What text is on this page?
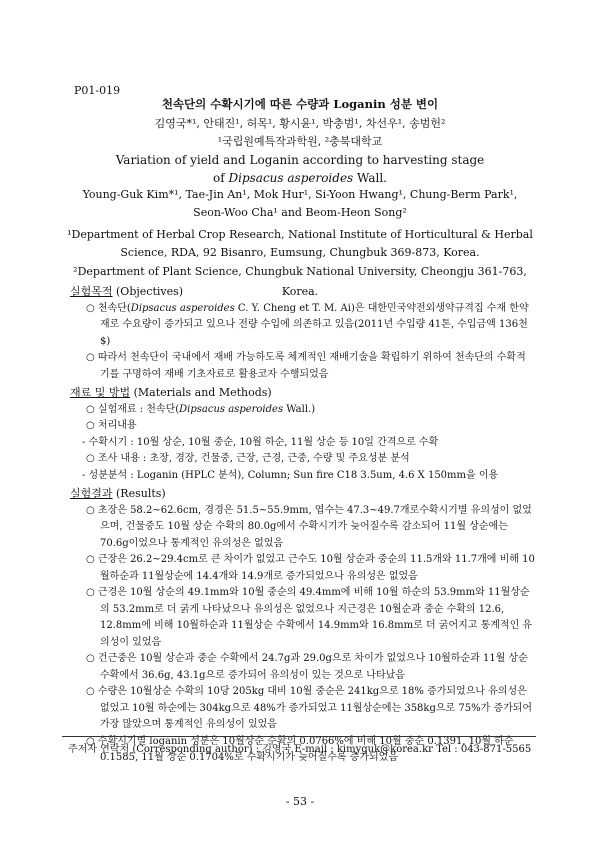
P01-019
천속단의 수확시기에 따른 수량과 Loganin 성분 변이
김영국*¹, 안태진¹, 허목¹, 황시윤¹, 박충범¹, 차선우¹, 송범헌²
¹국립원예특작과학원, ²충북대학교
Variation of yield and Loganin according to harvesting stage
of Dipsacus asperoides Wall.
Young-Guk Kim*¹, Tae-Jin An¹, Mok Hur¹, Si-Yoon Hwang¹, Chung-Berm Park¹,
Seon-Woo Cha¹ and Beom-Heon Song²
¹Department of Herbal Crop Research, National Institute of Horticultural & Herbal
Science, RDA, 92 Bisanro, Eumsung, Chungbuk 369-873, Korea.
²Department of Plant Science, Chungbuk National University, Cheongju 361-763, Korea.
실험목적 (Objectives)
○ 천속단(Dipsacus asperoides C. Y. Cheng et T. M. Ai)은 대한민국약전외생약규격집 수재 한약재로 수요량이 증가되고 있으나 전량 수입에 의존하고 있음(2011년 수입량 41톤, 수입금액 136천$)
○ 따라서 천속단이 국내에서 재배 가능하도록 체계적인 재배기술을 확립하기 위하여 천속단의 수확적기를 구명하여 재배 기초자료로 활용코자 수행되었음
재료 및 방법 (Materials and Methods)
○ 실험재료 : 천속단(Dipsacus asperoides Wall.)
○ 처리내용
- 수확시기 : 10월 상순, 10월 중순, 10월 하순, 11월 상순 등 10일 간격으로 수확
○ 조사 내용 : 초장, 경장, 건물중, 근장, 근경, 근중, 수량 및 주요성분 분석
- 성분분석 : Loganin (HPLC 분석), Column; Sun fire C18 3.5um, 4.6 X 150mm을 이용
실험결과 (Results)
○ 초장은 58.2~62.6cm, 경경은 51.5~55.9mm, 엽수는 47.3~49.7개로수확시기별 유의성이 없었으며, 건물중도 10월 상순 수확의 80.0g에서 수확시기가 늦어질수록 감소되어 11월 상순에는 70.6g이었으나 통계적인 유의성은 없었음
○ 근장은 26.2~29.4cm로 큰 차이가 없었고 근수도 10월 상순과 중순의 11.5개와 11.7개에 비해 10월하순과 11월상순에 14.4개와 14.9개로 증가되었으나 유의성은 없었음
○ 근경은 10월 상순의 49.1mm와 10월 중순의 49.4mm에 비해 10월 하순의 53.9mm와 11월상순의 53.2mm로 더 굵게 나타났으나 유의성은 없었으나 지근경은 10월순과 중순 수확의 12.6, 12.8mm에 비해 10월하순과 11월상순 수확에서 14.9mm와 16.8mm로 더 굵어지고 통계적인 유의성이 있었음
○ 건근중은 10월 상순과 중순 수확에서 24.7g과 29.0g으로 차이가 없었으나 10월하순과 11월 상순 수확에서 36.6g, 43.1g으로 증가되어 유의성이 있는 것으로 나타났음
○ 수량은 10월상순 수확의 10당 205kg 대비 10월 중순은 241kg으로 18% 증가되었으나 유의성은 없었고 10월 하순에는 304kg으로 48%가 증가되었고 11월상순에는 358kg으로 75%가 증가되어 가장 많았으며 통계적인 유의성이 있었음
○ 수확시기별 loganin 성분은 10월상순 수확의 0.0766%에 비해 10월 중순 0.1391, 10월 하순 0.1585, 11월 상순 0.1704%로 수확시기가 늦어질수록 증가되었음
주저자 연락처 (Corresponding author) : 김영국 E-mail : kimyguk@korea.kr Tel : 043-871-5565
- 53 -
